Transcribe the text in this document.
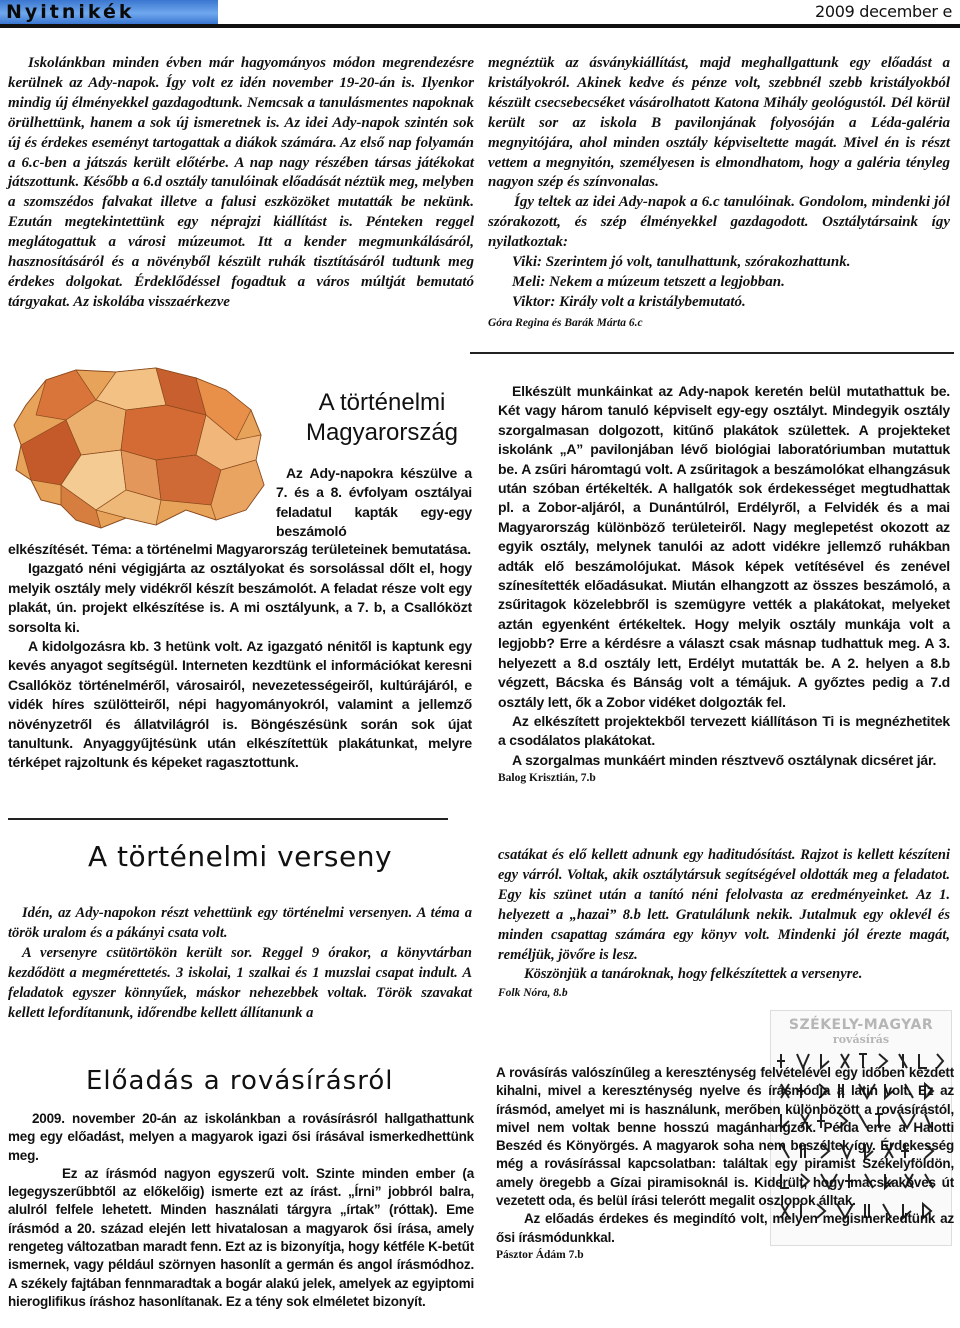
Nyitnikék	2009 december e

Iskolánkban minden évben már hagyományos módon megrendezésre kerülnek az Ady-napok. Így volt ez idén november 19-20-án is. Ilyenkor mindig új élményekkel gazdagodtunk. Nemcsak a tanulásmentes napoknak örülhettünk, hanem a sok új ismeretnek is. Az idei Ady-napok szintén sok új és érdekes eseményt tartogattak a diákok számára. Az első nap folyamán a 6.c-ben a játszás került előtérbe. A nap nagy részében társas játékokat játszottunk. Később a 6.d osztály tanulóinak előadását néztük meg, melyben a szomszédos falvakat illetve a falusi eszközöket mutatták be nekünk. Ezután megtekintettünk egy néprajzi kiállítást is. Pénteken reggel meglátogattuk a városi múzeumot. Itt a kender megmunkálásáról, hasznosításáról és a növényből készült ruhák tisztításáról tudtunk meg érdekes dolgokat. Érdeklődéssel fogadtuk a város múltját bemutató tárgyakat. Az iskolába visszaérkezve

megnéztük az ásványkiállítást, majd meghallgattunk egy előadást a kristályokról. Akinek kedve és pénze volt, szebbnél szebb kristályokból készült csecsebecséket vásárolhatott Katona Mihály geológustól. Dél körül került sor az iskola B pavilonjának folyosóján a Léda-galéria megnyitójára, ahol minden osztály képviseltette magát. Mivel én is részt vettem a megnyitón, személyesen is elmondhatom, hogy a galéria tényleg nagyon szép és színvonalas.

Így teltek az idei Ady-napok a 6.c tanulóinak. Gondolom, mindenki jól szórakozott, és szép élményekkel gazdagodott. Osztálytársaink így nyilatkoztak:

Viki: Szerintem jó volt, tanulhattunk, szórakozhattunk.

Meli: Nekem a múzeum tetszett a legjobban.

Viktor: Király volt a kristálybemutató.

Góra Regina és Barák Márta 6.c

A történelmi
Magyarország

Az Ady-napokra készülve a 7. és a 8. évfolyam osztályai feladatul kapták egy-egy beszámoló

elkészítését. Téma: a történelmi Magyarország területeinek bemutatása.

Igazgató néni végigjárta az osztályokat és sorsolással dőlt el, hogy melyik osztály mely vidékről készít beszámolót. A feladat része volt egy plakát, ún. projekt elkészítése is. A mi osztályunk, a 7. b, a Csallóközt sorsolta ki.

A kidolgozásra kb. 3 hetünk volt. Az igazgató nénitől is kaptunk egy kevés anyagot segítségül. Interneten kezdtünk el információkat keresni Csallóköz történelméről, városairól, nevezetességeiről, kultúrájáról, e vidék híres szülötteiről, népi hagyományokról, valamint a jellemző növényzetről és állatvilágról is. Böngészésünk során sok újat tanultunk. Anyaggyűjtésünk után elkészítettük plakátunkat, melyre térképet rajzoltunk és képeket ragasztottunk.

Elkészült munkáinkat az Ady-napok keretén belül mutathattuk be. Két vagy három tanuló képviselt egy-egy osztályt. Mindegyik osztály szorgalmasan dolgozott, kitűnő plakátok születtek. A projekteket iskolánk „A” pavilonjában lévő biológiai laboratóriumban mutattuk be. A zsűri háromtagú volt. A zsűritagok a beszámolókat elhangzásuk után szóban értékelték. A hallgatók sok érdekességet megtudhattak pl. a Zobor-aljáról, a Dunántúlról, Erdélyről, a Felvidék és a mai Magyarország különböző területeiről. Nagy meglepetést okozott az egyik osztály, melynek tanulói az adott vidékre jellemző ruhákban adták elő beszámolójukat. Mások képek vetítésével és zenével színesítették előadásukat. Miután elhangzott az összes beszámoló, a zsűritagok közelebbről is szemügyre vették a plakátokat, melyeket aztán egyenként értékeltek. Hogy melyik osztály munkája volt a legjobb? Erre a kérdésre a választ csak másnap tudhattuk meg. A 3. helyezett a 8.d osztály lett, Erdélyt mutatták be. A 2. helyen a 8.b végzett, Bácska és Bánság volt a témájuk. A győztes pedig a 7.d osztály lett, ők a Zobor vidéket dolgozták fel.

Az elkészített projektekből tervezett kiállításon Ti is megnézhetitek a csodálatos plakátokat.

A szorgalmas munkáért minden résztvevő osztálynak dicséret jár.

Balog Krisztián, 7.b

A történelmi verseny

Idén, az Ady-napokon részt vehettünk egy történelmi versenyen. A téma a török uralom és a pákányi csata volt.

A versenyre csütörtökön került sor. Reggel 9 órakor, a könyvtárban kezdődött a megmérettetés. 3 iskolai, 1 szalkai és 1 muzslai csapat indult. A feladatok egyszer könnyűek, máskor nehezebbek voltak. Török szavakat kellett lefordítanunk, időrendbe kellett állítanunk a

csatákat és elő kellett adnunk egy haditudósítást. Rajzot is kellett készíteni egy várról. Voltak, akik osztálytársuk segítségével oldották meg a feladatot. Egy kis szünet után a tanító néni felolvasta az eredményeinket. Az 1. helyezett a „hazai” 8.b lett. Gratulálunk nekik. Jutalmuk egy oklevél és minden csapattag számára egy könyv volt. Mindenki jól érezte magát, reméljük, jövőre is lesz.

Köszönjük a tanároknak, hogy felkészítettek a versenyre.

Folk Nóra, 8.b

Előadás a rovásírásról
SZÉKELY-MAGYAR
rovásírás

2009. november 20-án az iskolánkban a rovásírásról hallgathattunk meg egy előadást, melyen a magyarok igazi ősi írásával ismerkedhettünk meg.

Ez az írásmód nagyon egyszerű volt. Szinte minden ember (a legegyszerűbbtől az előkelőig) ismerte ezt az írást. „Írni” jobbról balra, alulról felfele lehetett. Minden használati tárgyra „írtak” (róttak). Eme írásmód a 20. század elején lett hivatalosan a magyarok ősi írása, amely rengeteg változatban maradt fenn. Ezt az is bizonyítja, hogy kétféle K-betűt ismernek, vagy például szörnyen hasonlít a germán és angol írásmódhoz. A székely fajtában fennmaradtak a bogár alakú jelek, amelyek az egyiptomi hieroglifikus íráshoz hasonlítanak. Ez a tény sok elméletet bizonyít.

A rovásírás valószínűleg a kereszténység felvételével egy időben kezdett kihalni, mivel a kereszténység nyelve és írásmódja a latin volt. Ez az írásmód, amelyet mi is használunk, merőben különbözött a rovásírástól, mivel nem voltak benne hosszú magánhangzók. Példa erre a Halotti Beszéd és Könyörgés. A magyarok soha nem beszéltek így. Érdekesség még a rovásírással kapcsolatban: találtak egy piramist Székelyföldön, amely öregebb a Gízai piramisoknál is. Kiderült, hogy macskaköves út vezetett oda, és belül írási telerótt megalit oszlopok álltak.

Az előadás érdekes és megindító volt, melyen megismerkedtünk az ősi írásmódunkkal.

Pásztor Ádám 7.b
